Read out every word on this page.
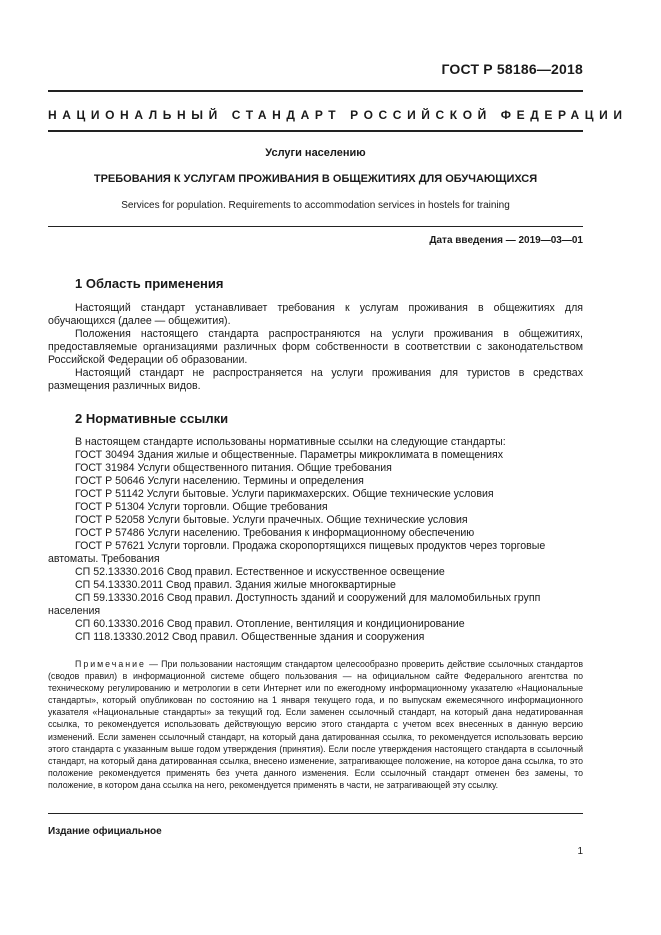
ГОСТ Р 58186—2018
НАЦИОНАЛЬНЫЙ СТАНДАРТ РОССИЙСКОЙ ФЕДЕРАЦИИ
Услуги населению
ТРЕБОВАНИЯ К УСЛУГАМ ПРОЖИВАНИЯ В ОБЩЕЖИТИЯХ ДЛЯ ОБУЧАЮЩИХСЯ
Services for population. Requirements to accommodation services in hostels for training
Дата введения — 2019—03—01
1 Область применения

Настоящий стандарт устанавливает требования к услугам проживания в общежитиях для обучающихся (далее — общежития).

Положения настоящего стандарта распространяются на услуги проживания в общежитиях, предоставляемые организациями различных форм собственности в соответствии с законодательством Российской Федерации об образовании.

Настоящий стандарт не распространяется на услуги проживания для туристов в средствах размещения различных видов.

2 Нормативные ссылки

В настоящем стандарте использованы нормативные ссылки на следующие стандарты:

ГОСТ 30494 Здания жилые и общественные. Параметры микроклимата в помещениях
ГОСТ 31984 Услуги общественного питания. Общие требования
ГОСТ Р 50646 Услуги населению. Термины и определения
ГОСТ Р 51142 Услуги бытовые. Услуги парикмахерских. Общие технические условия
ГОСТ Р 51304 Услуги торговли. Общие требования
ГОСТ Р 52058 Услуги бытовые. Услуги прачечных. Общие технические условия
ГОСТ Р 57486 Услуги населению. Требования к информационному обеспечению
ГОСТ Р 57621 Услуги торговли. Продажа скоропортящихся пищевых продуктов через торговые
автоматы. Требования
СП 52.13330.2016 Свод правил. Естественное и искусственное освещение
СП 54.13330.2011 Свод правил. Здания жилые многоквартирные
СП 59.13330.2016 Свод правил. Доступность зданий и сооружений для маломобильных групп
населения
СП 60.13330.2016 Свод правил. Отопление, вентиляция и кондиционирование
СП 118.13330.2012 Свод правил. Общественные здания и сооружения

Примечание — При пользовании настоящим стандартом целесообразно проверить действие ссылочных стандартов (сводов правил) в информационной системе общего пользования — на официальном сайте Федерального агентства по техническому регулированию и метрологии в сети Интернет или по ежегодному информационному указателю «Национальные стандарты», который опубликован по состоянию на 1 января текущего года, и по выпускам ежемесячного информационного указателя «Национальные стандарты» за текущий год. Если заменен ссылочный стандарт, на который дана недатированная ссылка, то рекомендуется использовать действующую версию этого стандарта с учетом всех внесенных в данную версию изменений. Если заменен ссылочный стандарт, на который дана датированная ссылка, то рекомендуется использовать версию этого стандарта с указанным выше годом утверждения (принятия). Если после утверждения настоящего стандарта в ссылочный стандарт, на который дана датированная ссылка, внесено изменение, затрагивающее положение, на которое дана ссылка, то это положение рекомендуется применять без учета данного изменения. Если ссылочный стандарт отменен без замены, то положение, в котором дана ссылка на него, рекомендуется применять в части, не затрагивающей эту ссылку.

Издание официальное
1
